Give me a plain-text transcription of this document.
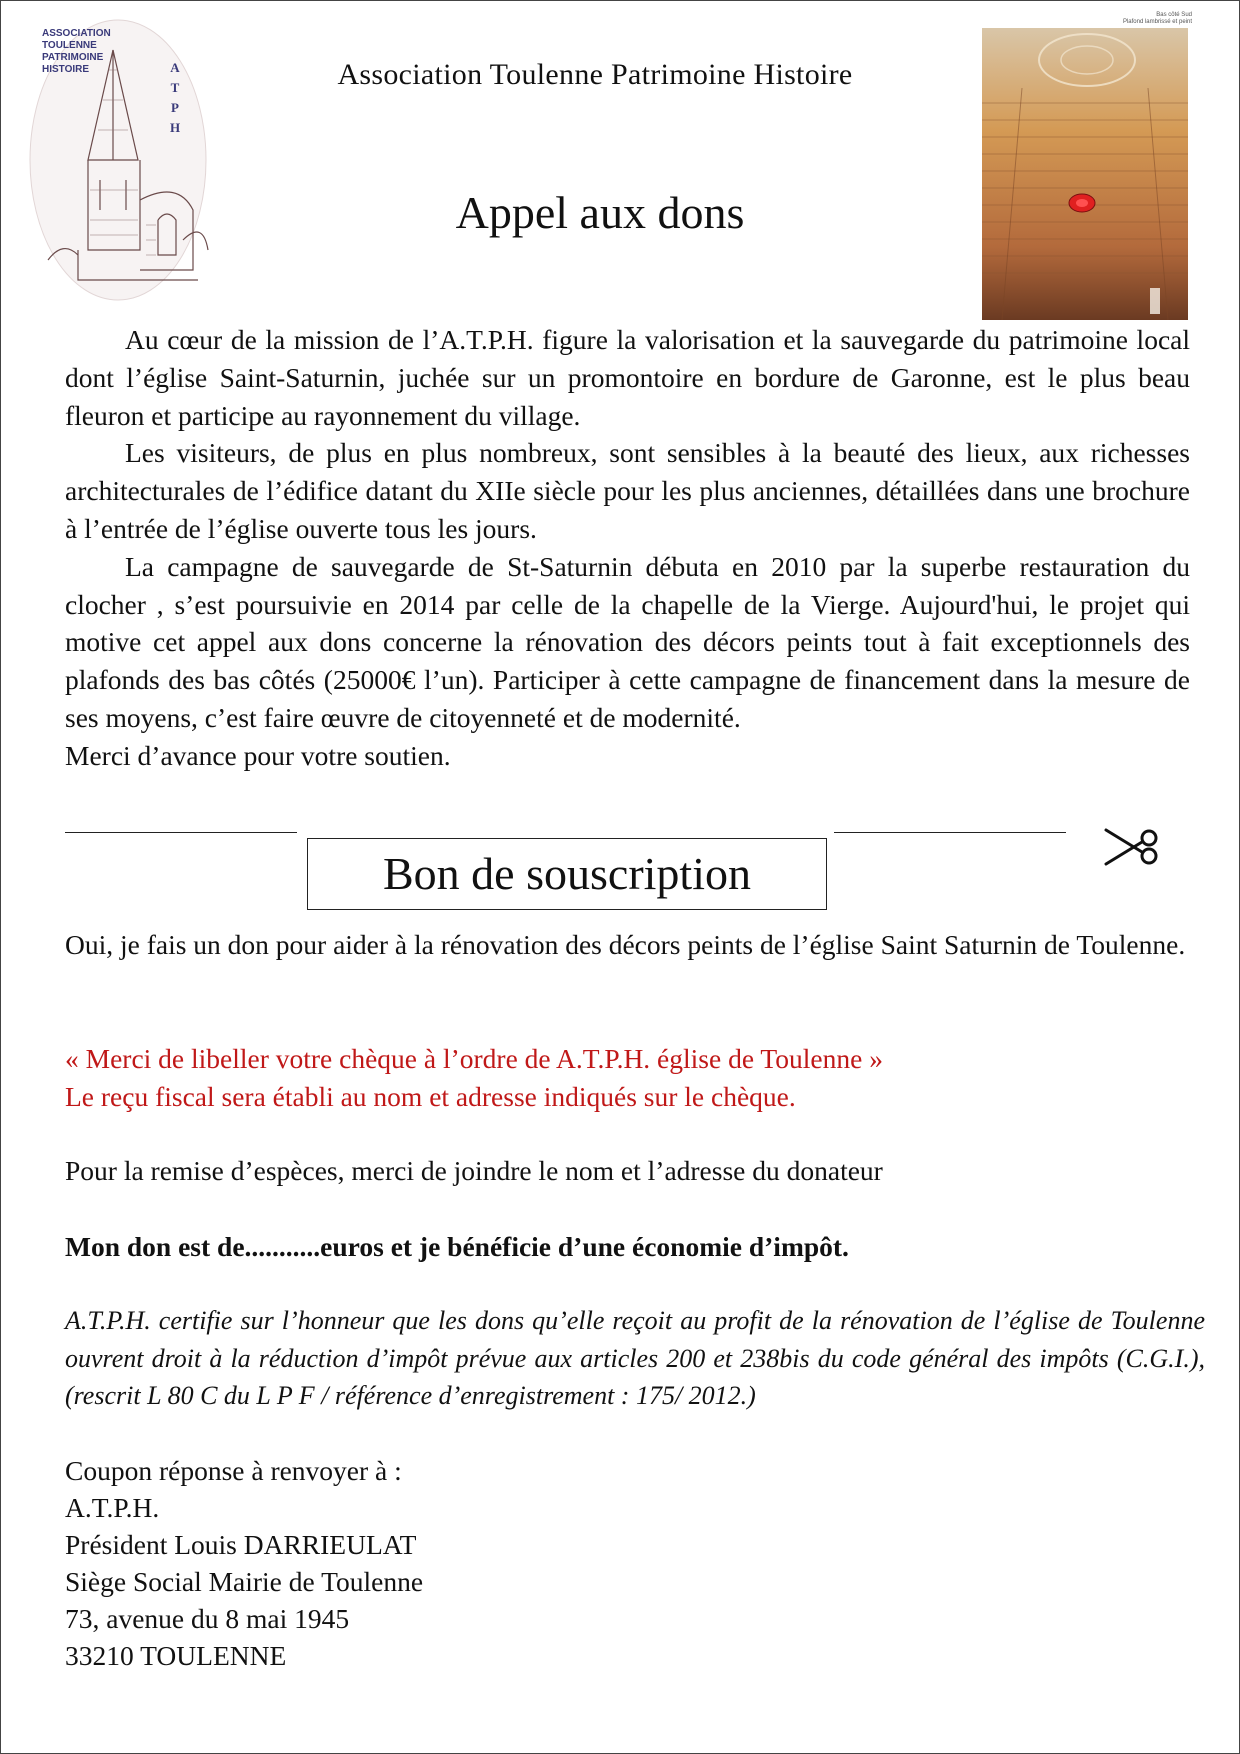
ASSOCIATION
TOULENNE
PATRIMOINE
HISTOIRE	A
T
P
H
Bas côté Sud
Plafond lambrissé et peint
Association Toulenne Patrimoine Histoire
Appel aux dons

Au cœur de la mission de l’A.T.P.H. figure la valorisation et la sauvegarde du patrimoine local dont l’église Saint-Saturnin, juchée sur un promontoire en bordure de Garonne, est le plus beau fleuron et participe au rayonnement du village.

Les visiteurs, de plus en plus nombreux, sont sensibles à la beauté des lieux, aux richesses architecturales de l’édifice datant du XIIe siècle pour les plus anciennes, détaillées dans une brochure à l’entrée de l’église ouverte tous les jours.

La campagne de sauvegarde de St-Saturnin débuta en 2010 par la superbe restauration du clocher , s’est poursuivie en 2014 par celle de la chapelle de la Vierge. Aujourd'hui, le projet qui motive cet appel aux dons concerne la rénovation des décors peints tout à fait exceptionnels des plafonds des bas côtés (25000€ l’un). Participer à cette campagne de financement dans la mesure de ses moyens, c’est faire œuvre de citoyenneté et de modernité.

Merci d’avance pour votre soutien.

Bon de souscription
Oui, je fais un don pour aider à la rénovation des décors peints de l’église Saint Saturnin de Toulenne.
« Merci de libeller votre chèque à l’ordre de A.T.P.H. église de Toulenne »
Le reçu fiscal sera établi au nom et adresse indiqués sur le chèque.
Pour la remise d’espèces, merci de joindre le nom et l’adresse du donateur
Mon don est de...........euros et je bénéficie d’une économie d’impôt.
A.T.P.H. certifie sur l’honneur que les dons qu’elle reçoit au profit de la rénovation de l’église de Toulenne ouvrent droit à la réduction d’impôt prévue aux articles 200 et 238bis du code général des impôts (C.G.I.), (rescrit L 80 C du L P F / référence d’enregistrement : 175/ 2012.)
Coupon réponse à renvoyer à :
A.T.P.H.
Président Louis DARRIEULAT
Siège Social Mairie de Toulenne
73, avenue du 8 mai 1945
33210 TOULENNE
